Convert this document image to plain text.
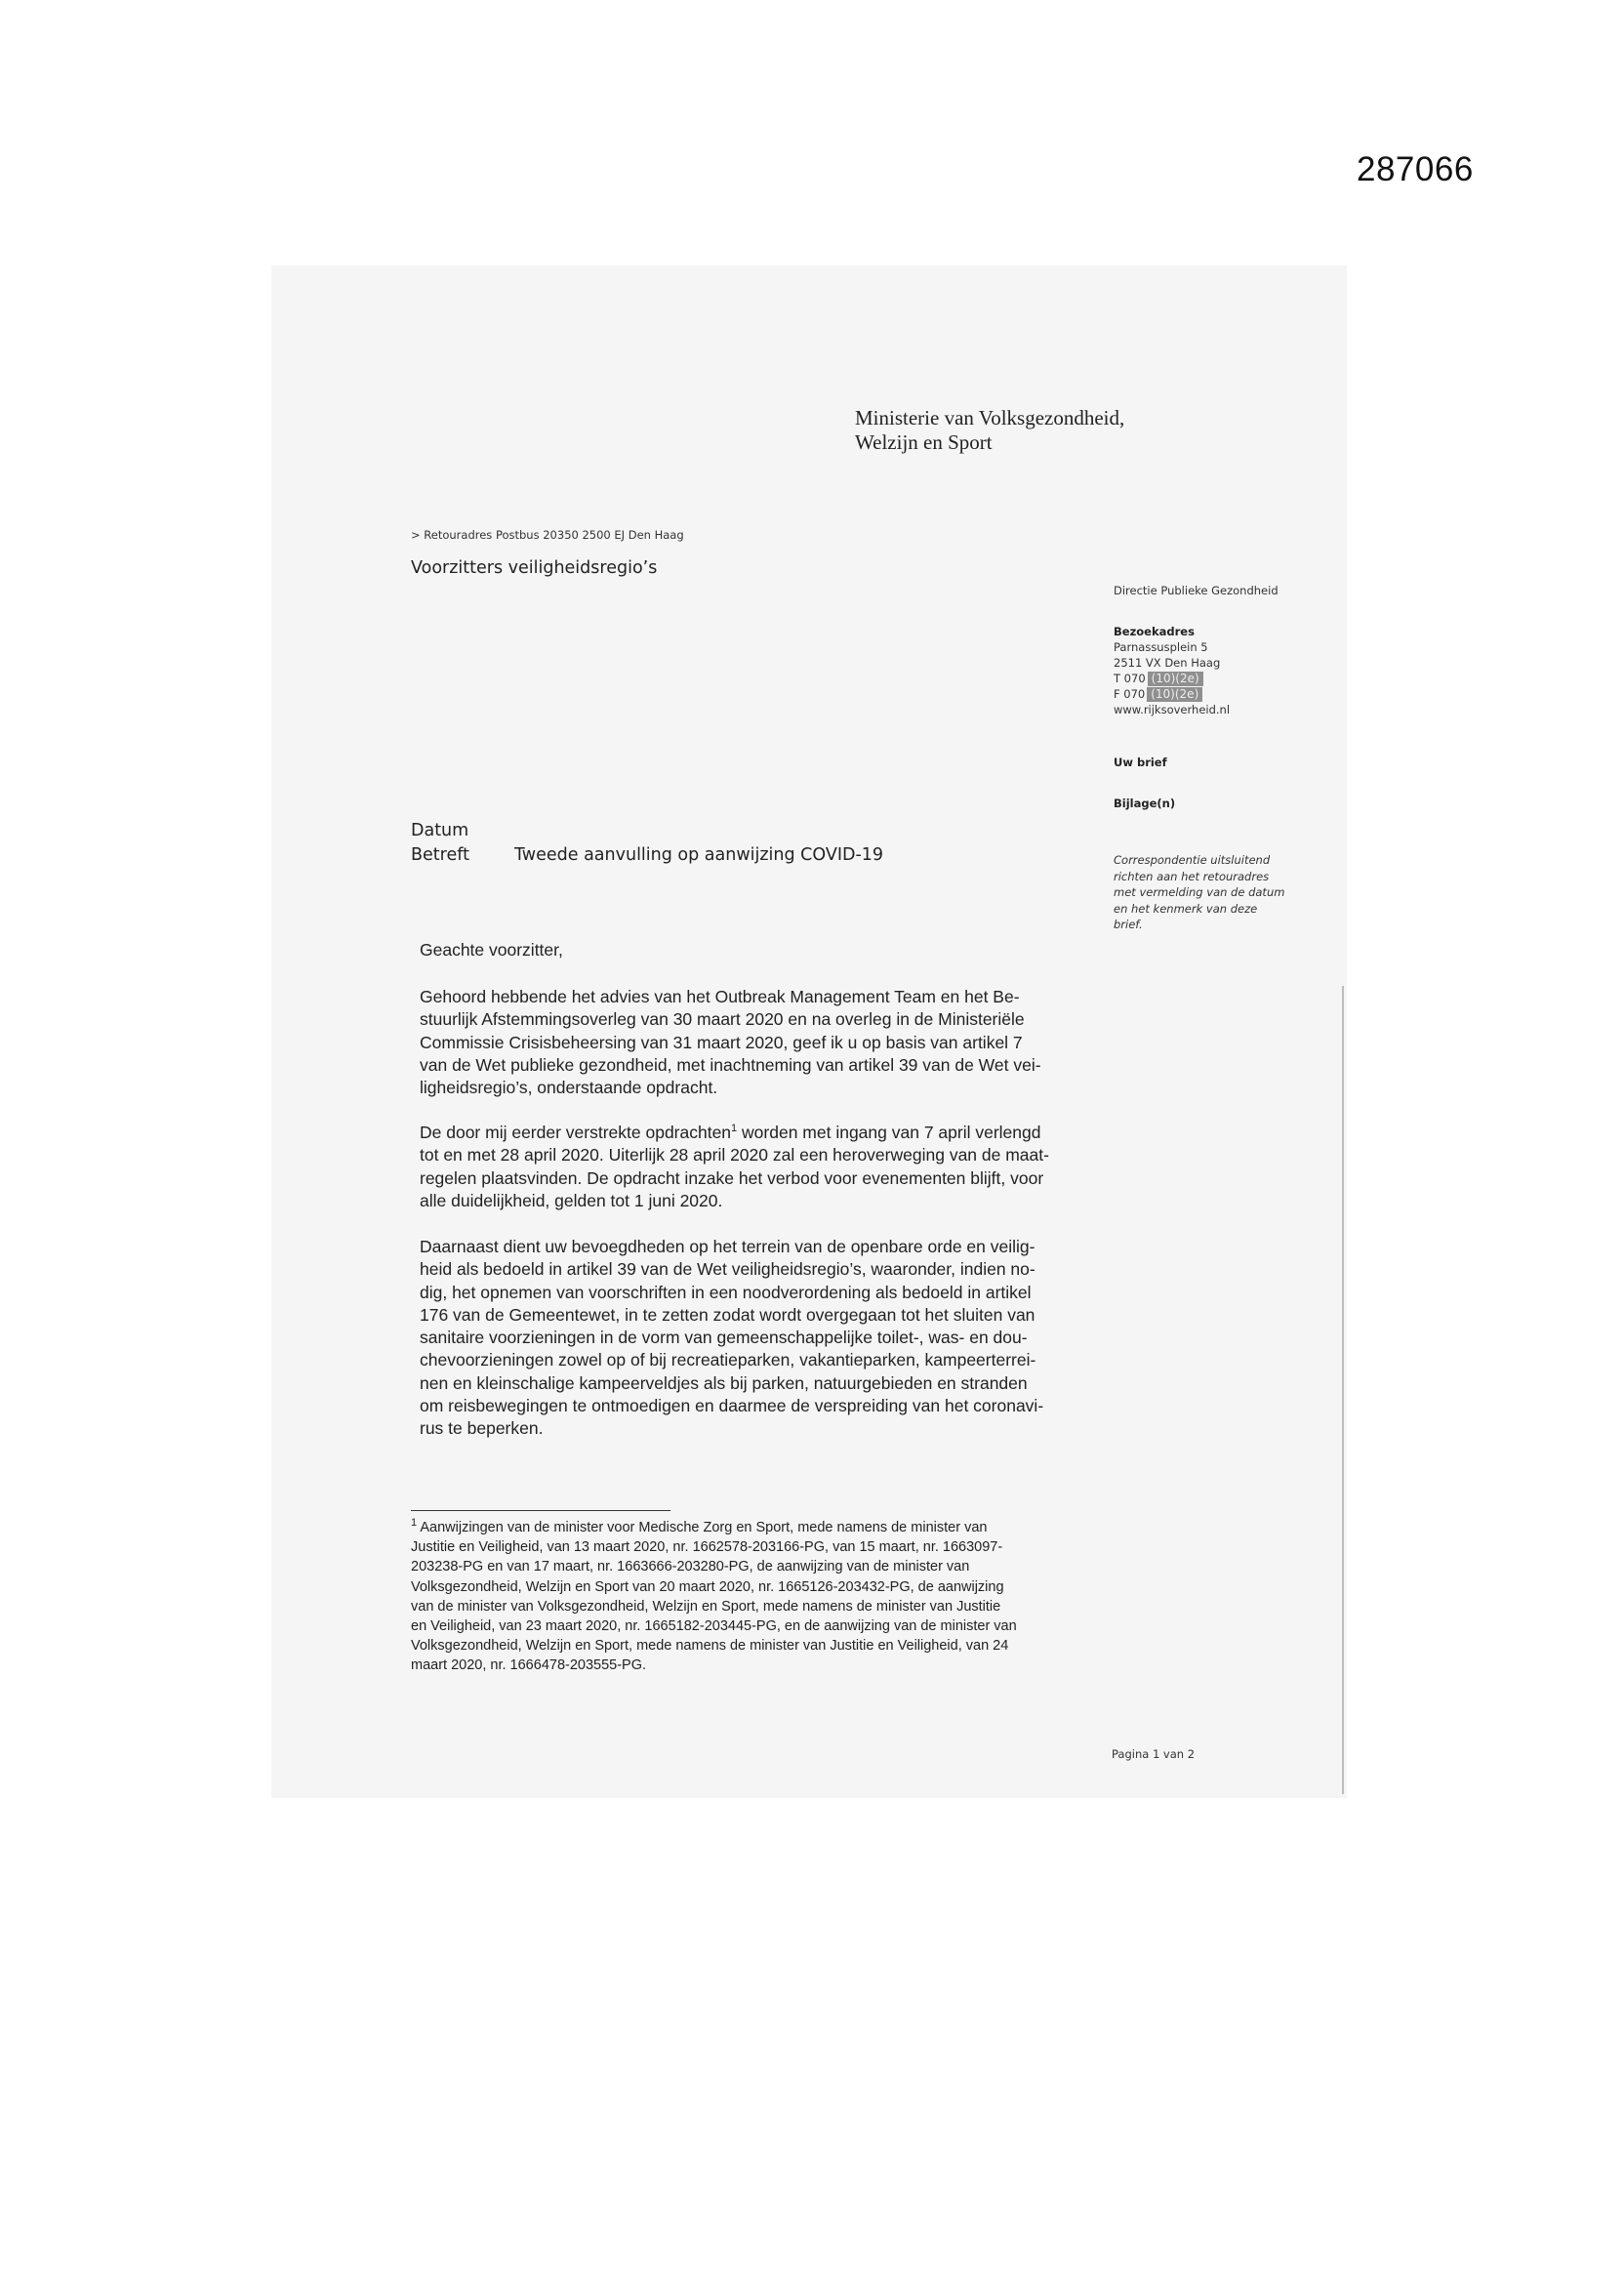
287066
Ministerie van Volksgezondheid,
Welzijn en Sport
> Retouradres Postbus 20350 2500 EJ Den Haag
Voorzitters veiligheidsregio’s
Directie Publieke Gezondheid
Bezoekadres
Parnassusplein 5
2511 VX Den Haag
T 070 (10)(2e)
F 070 (10)(2e)
www.rijksoverheid.nl
Uw brief
Bijlage(n)
Correspondentie uitsluitend richten aan het retouradres met vermelding van de datum en het kenmerk van deze brief.
Datum
Betreft	Tweede aanvulling op aanwijzing COVID-19
Geachte voorzitter,

Gehoord hebbende het advies van het Outbreak Management Team en het Be-
stuurlijk Afstemmingsoverleg van 30 maart 2020 en na overleg in de Ministeriële
Commissie Crisisbeheersing van 31 maart 2020, geef ik u op basis van artikel 7
van de Wet publieke gezondheid, met inachtneming van artikel 39 van de Wet vei-
ligheidsregio’s, onderstaande opdracht.

De door mij eerder verstrekte opdrachten$^1$ worden met ingang van 7 april verlengd
tot en met 28 april 2020. Uiterlijk 28 april 2020 zal een heroverweging van de maat-
regelen plaatsvinden. De opdracht inzake het verbod voor evenementen blijft, voor
alle duidelijkheid, gelden tot 1 juni 2020.

Daarnaast dient uw bevoegdheden op het terrein van de openbare orde en veilig-
heid als bedoeld in artikel 39 van de Wet veiligheidsregio’s, waaronder, indien no-
dig, het opnemen van voorschriften in een noodverordening als bedoeld in artikel
176 van de Gemeentewet, in te zetten zodat wordt overgegaan tot het sluiten van
sanitaire voorzieningen in de vorm van gemeenschappelijke toilet-, was- en dou-
chevoorzieningen zowel op of bij recreatieparken, vakantieparken, kampeerterrei-
nen en kleinschalige kampeerveldjes als bij parken, natuurgebieden en stranden
om reisbewegingen te ontmoedigen en daarmee de verspreiding van het coronavi-
rus te beperken.

$^1$ Aanwijzingen van de minister voor Medische Zorg en Sport, mede namens de minister van
Justitie en Veiligheid, van 13 maart 2020, nr. 1662578-203166-PG, van 15 maart, nr. 1663097-
203238-PG en van 17 maart, nr. 1663666-203280-PG, de aanwijzing van de minister van
Volksgezondheid, Welzijn en Sport van 20 maart 2020, nr. 1665126-203432-PG, de aanwijzing
van de minister van Volksgezondheid, Welzijn en Sport, mede namens de minister van Justitie
en Veiligheid, van 23 maart 2020, nr. 1665182-203445-PG, en de aanwijzing van de minister van
Volksgezondheid, Welzijn en Sport, mede namens de minister van Justitie en Veiligheid, van 24
maart 2020, nr. 1666478-203555-PG.

Pagina 1 van 2
